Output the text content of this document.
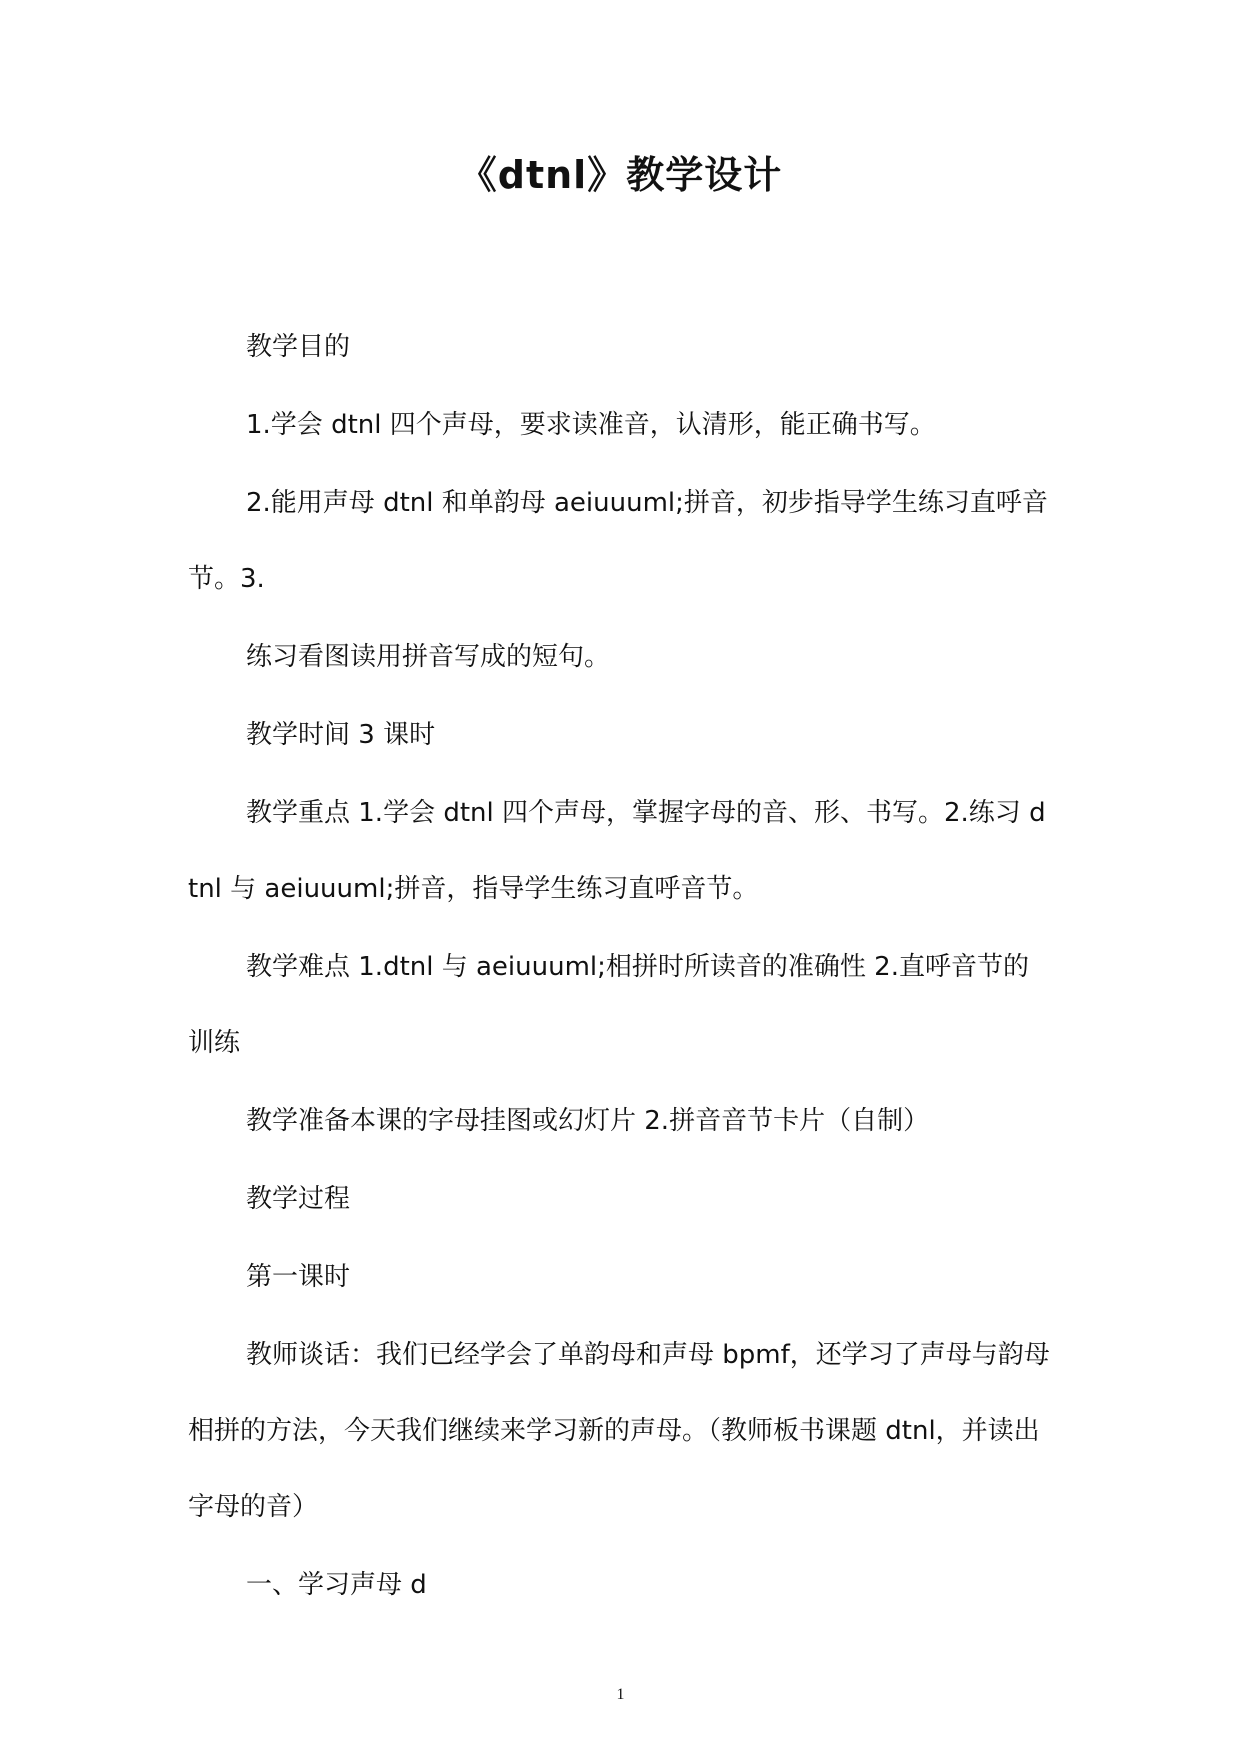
《dtnl》教学设计

教学目的

1.学会 dtnl 四个声母，要求读准音，认清形，能正确书写。

2.能用声母 dtnl 和单韵母 aeiuuuml;拼音，初步指导学生练习直呼音节。3.

练习看图读用拼音写成的短句。

教学时间 3 课时

教学重点 1.学会 dtnl 四个声母，掌握字母的音、形、书写。2.练习 dtnl 与 aeiuuuml;拼音，指导学生练习直呼音节。

教学难点 1.dtnl 与 aeiuuuml;相拼时所读音的准确性 2.直呼音节的训练

教学准备本课的字母挂图或幻灯片 2.拼音音节卡片（自制）

教学过程

第一课时

教师谈话：我们已经学会了单韵母和声母 bpmf，还学习了声母与韵母相拼的方法，今天我们继续来学习新的声母。（教师板书课题 dtnl，并读出字母的音）

一、学习声母 d

1
